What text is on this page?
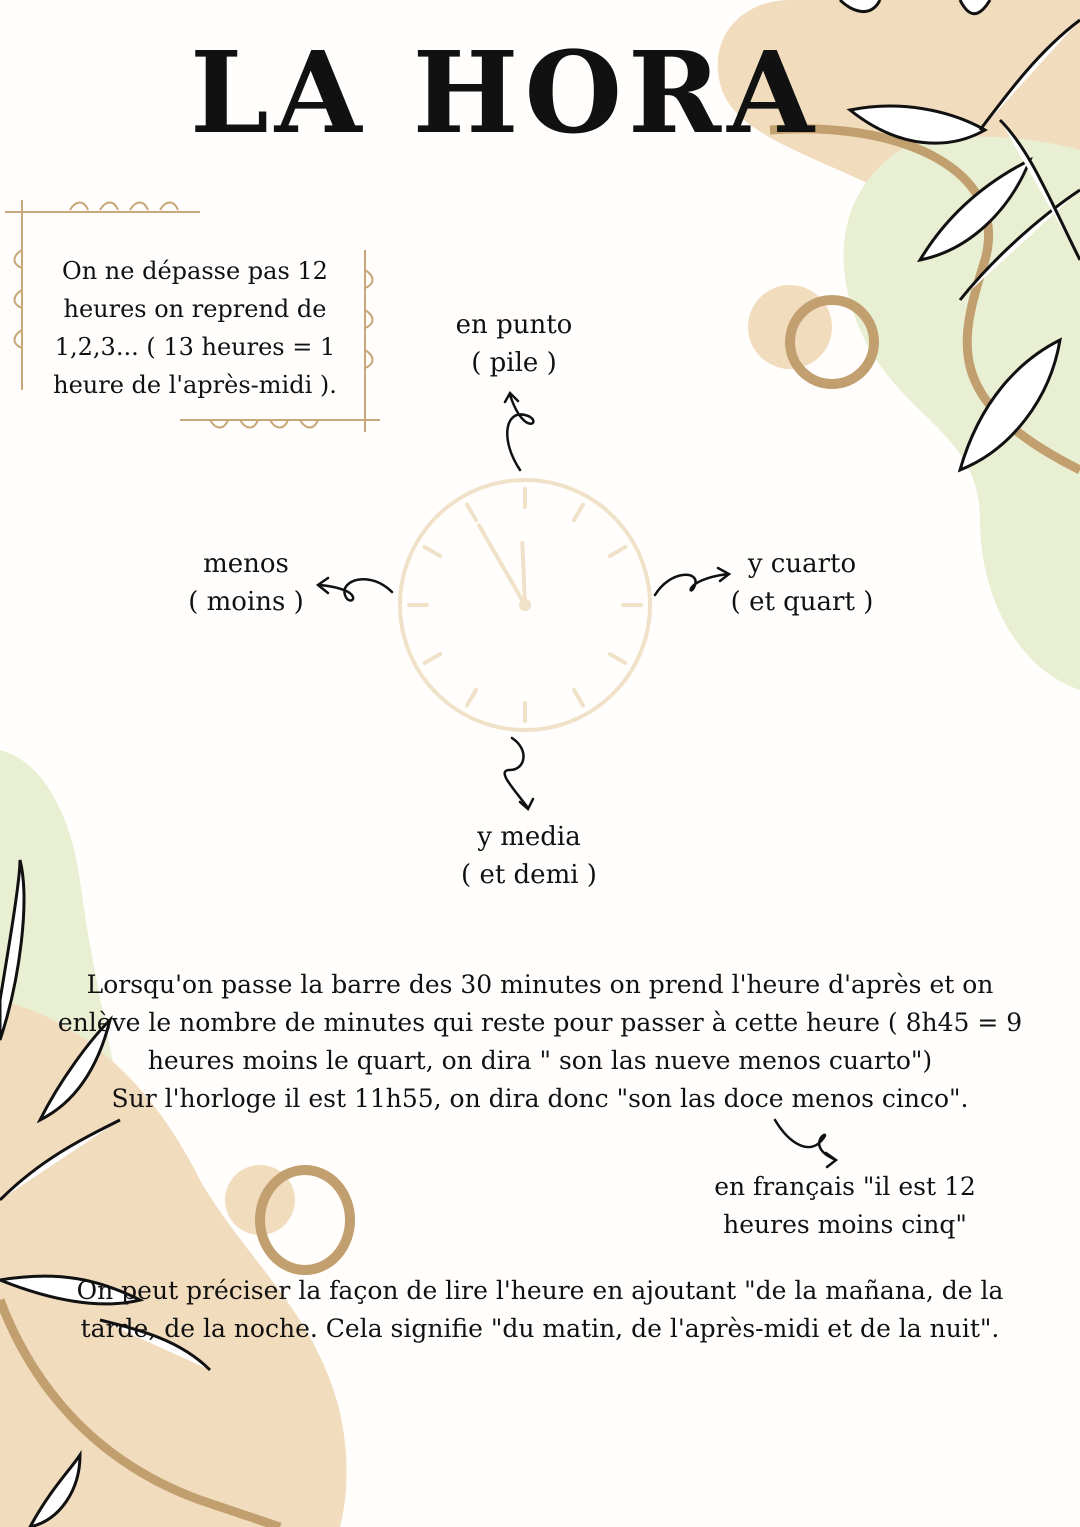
LA HORA
On ne dépasse pas 12 heures on reprend de 1,2,3... ( 13 heures = 1 heure de l'après-midi ).
en punto
( pile )
menos
( moins )
y cuarto
( et quart )
y media
( et demi )

Lorsqu'on passe la barre des 30 minutes on prend l'heure d'après et on enlève le nombre de minutes qui reste pour passer à cette heure ( 8h45 = 9 heures moins le quart, on dira " son las nueve menos cuarto")

Sur l'horloge il est 11h55, on dira donc "son las doce menos cinco".

en français "il est 12 heures moins cinq"
On peut préciser la façon de lire l'heure en ajoutant "de la mañana, de la tarde, de la noche. Cela signifie "du matin, de l'après-midi et de la nuit".
